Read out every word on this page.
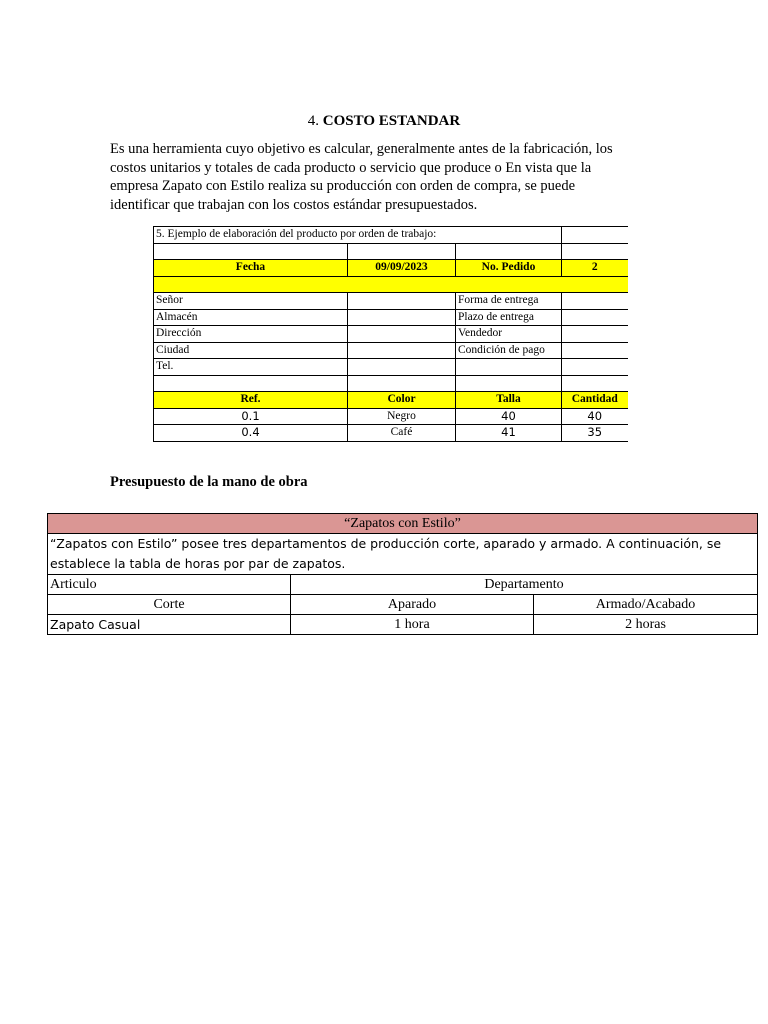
4. COSTO ESTANDAR
Es una herramienta cuyo objetivo es calcular, generalmente antes de la fabricación, los
costos unitarios y totales de cada producto o servicio que produce o En vista que la
empresa Zapato con Estilo realiza su producción con orden de compra, se puede
identificar que trabajan con los costos estándar presupuestados.
5. Ejemplo de elaboración del producto por orden de trabajo:			

Fecha	09/09/2023	No. Pedido	2

Señor		Forma de entrega	
Almacén		Plazo de entrega	
Dirección		Vendedor	
Ciudad		Condición de pago	
Tel.			

Ref.	Color	Talla	Cantidad
0.1	Negro	40	40
0.4	Café	41	35
Presupuesto de la mano de obra
“Zapatos con Estilo”		
“Zapatos con Estilo” posee tres departamentos de producción corte, aparado y armado. A continuación, se establece la tabla de horas por par de zapatos.		
Articulo	Departamento	
Corte	Aparado	Armado/Acabado
Zapato Casual	1 hora	2 horas
